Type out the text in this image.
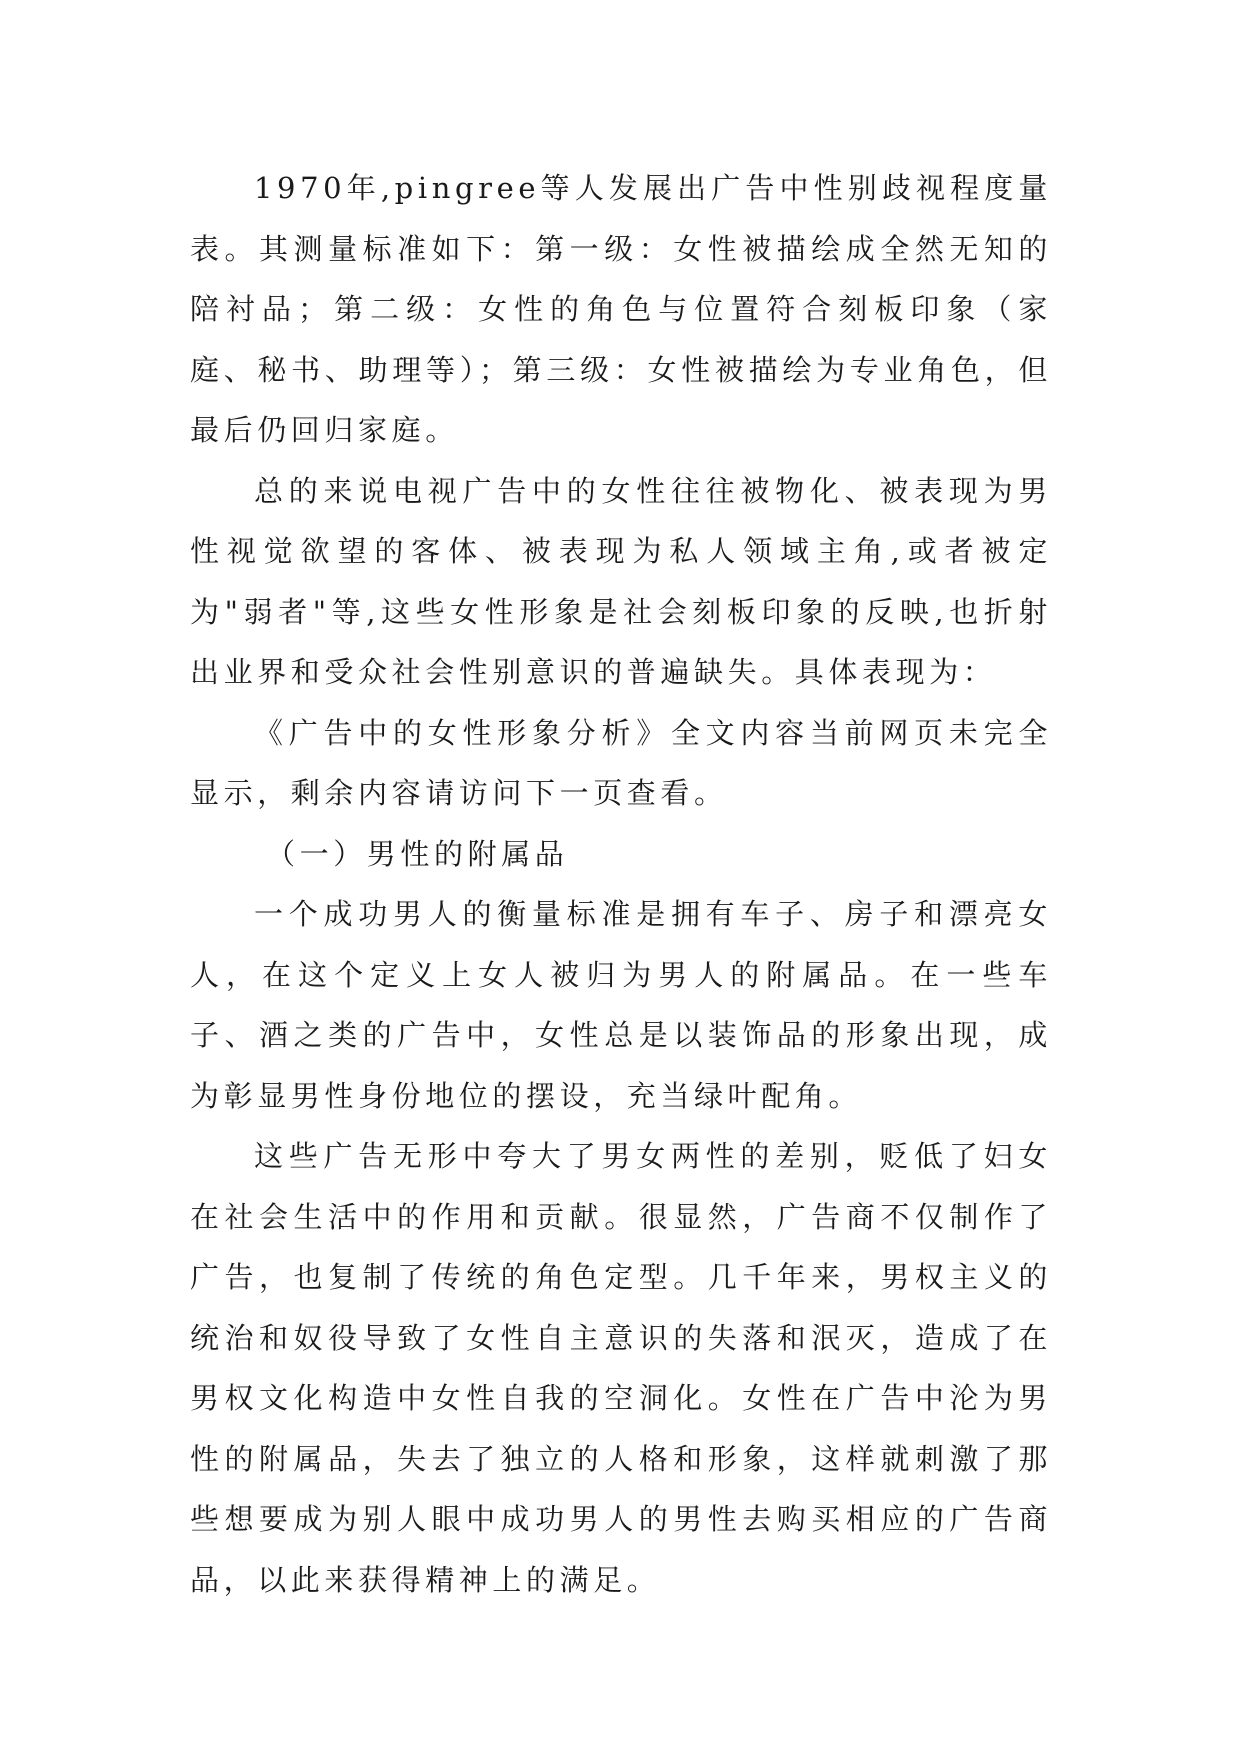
1970年,pingree等人发展出广告中性别歧视程度量表。其测量标准如下：第一级：女性被描绘成全然无知的陪衬品；第二级：女性的角色与位置符合刻板印象（家庭、秘书、助理等）；第三级：女性被描绘为专业角色，但最后仍回归家庭。

总的来说电视广告中的女性往往被物化、被表现为男性视觉欲望的客体、被表现为私人领域主角,或者被定为"弱者"等,这些女性形象是社会刻板印象的反映,也折射出业界和受众社会性别意识的普遍缺失。具体表现为：

《广告中的女性形象分析》全文内容当前网页未完全显示，剩余内容请访问下一页查看。

（一）男性的附属品

一个成功男人的衡量标准是拥有车子、房子和漂亮女人，在这个定义上女人被归为男人的附属品。在一些车子、酒之类的广告中，女性总是以装饰品的形象出现，成为彰显男性身份地位的摆设，充当绿叶配角。

这些广告无形中夸大了男女两性的差别，贬低了妇女在社会生活中的作用和贡献。很显然，广告商不仅制作了广告，也复制了传统的角色定型。几千年来，男权主义的统治和奴役导致了女性自主意识的失落和泯灭，造成了在男权文化构造中女性自我的空洞化。女性在广告中沦为男性的附属品，失去了独立的人格和形象，这样就刺激了那些想要成为别人眼中成功男人的男性去购买相应的广告商品，以此来获得精神上的满足。
